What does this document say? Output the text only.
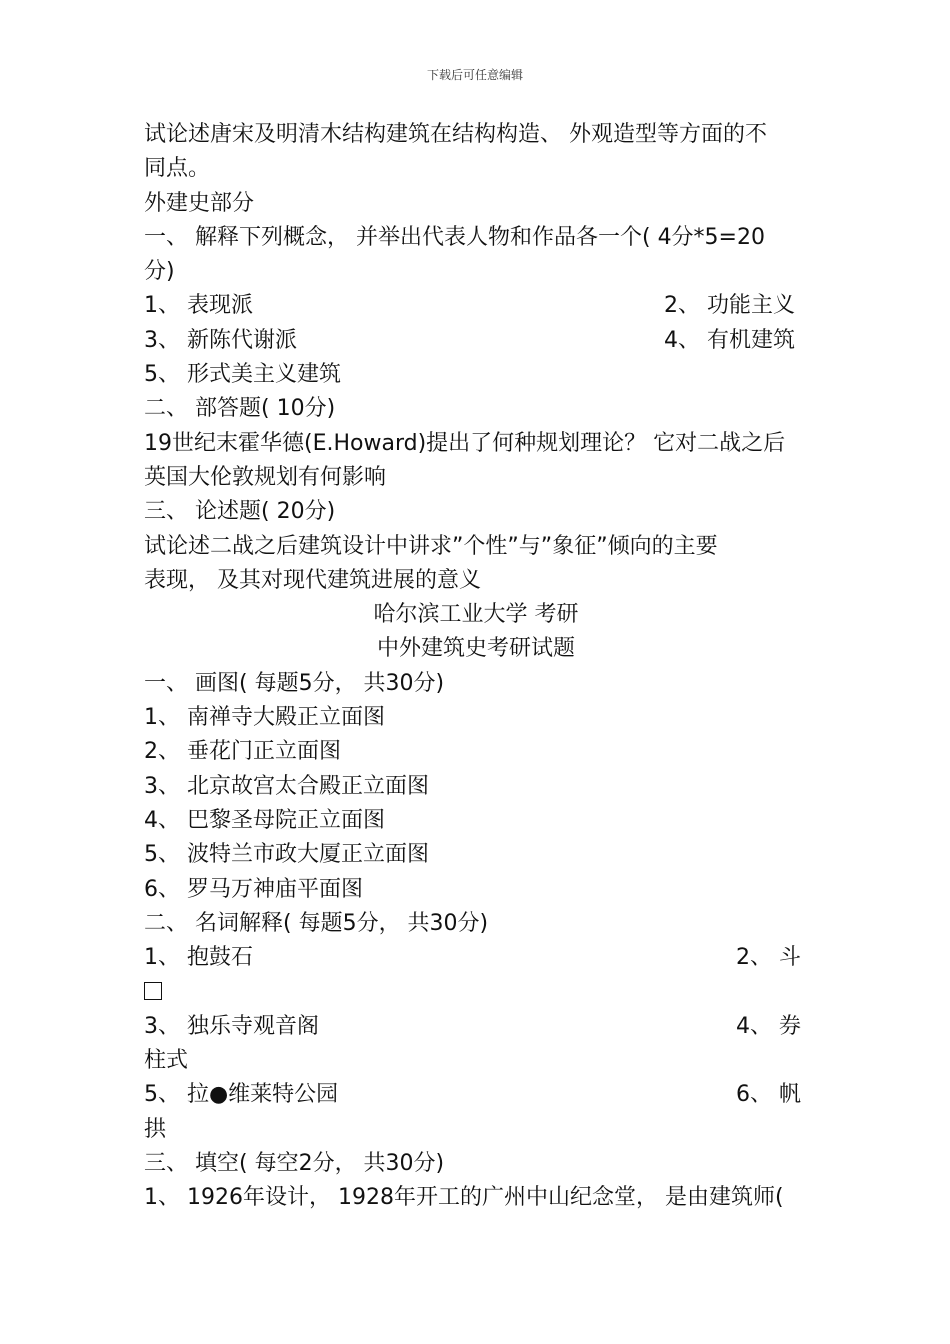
下载后可任意编辑
试论述唐宋及明清木结构建筑在结构构造、 外观造型等方面的不
同点。
外建史部分
一、 解释下列概念， 并举出代表人物和作品各一个( 4分*5=20
分)
1、 表现派	2、 功能主义
3、 新陈代谢派	4、 有机建筑
5、 形式美主义建筑
二、 部答题( 10分)
19世纪末霍华德(E.Howard)提出了何种规划理论？ 它对二战之后
英国大伦敦规划有何影响
三、 论述题( 20分)
试论述二战之后建筑设计中讲求”个性”与”象征”倾向的主要
表现， 及其对现代建筑进展的意义
哈尔滨工业大学 考研
中外建筑史考研试题
一、 画图( 每题5分， 共30分)
1、 南禅寺大殿正立面图
2、 垂花门正立面图
3、 北京故宫太合殿正立面图
4、 巴黎圣母院正立面图
5、 波特兰市政大厦正立面图
6、 罗马万神庙平面图
二、 名词解释( 每题5分， 共30分)
1、 抱鼓石	2、 斗
3、 独乐寺观音阁	4、 券
柱式
5、 拉●维莱特公园	6、 帆
拱
三、 填空( 每空2分， 共30分)
1、 1926年设计， 1928年开工的广州中山纪念堂， 是由建筑师(
